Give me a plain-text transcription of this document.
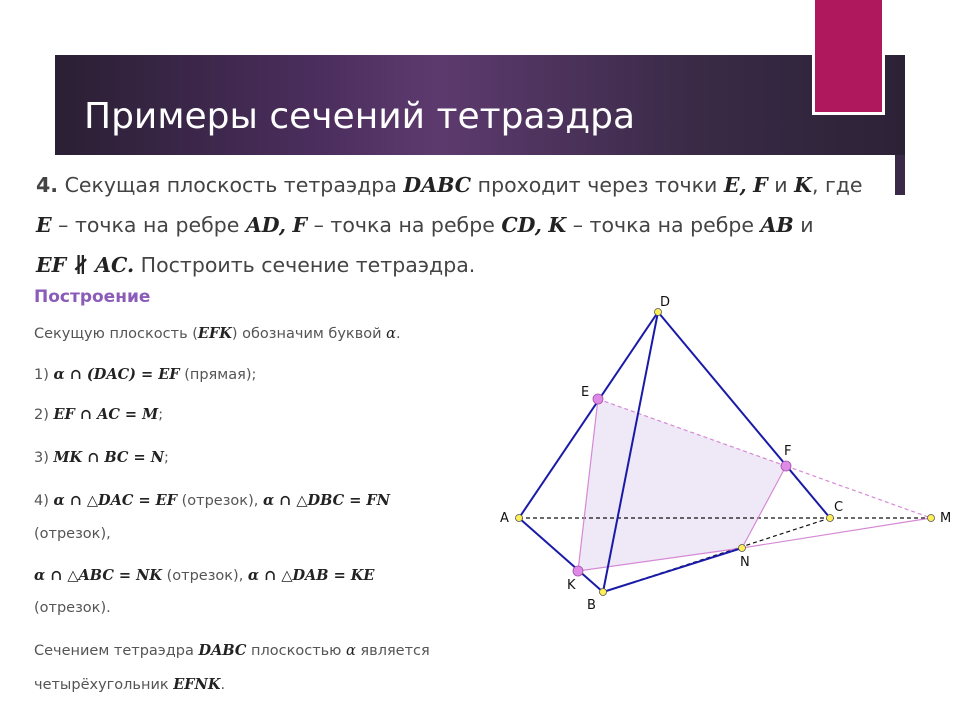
Примеры сечений тетраэдра
4. Секущая плоскость тетраэдра DABC проходит через точки E, F и K, где
E – точка на ребре AD, F – точка на ребре CD, K – точка на ребре AB и
EF ∦ AC. Построить сечение тетраэдра.
Построение
Секущую плоскость (EFK) обозначим буквой α.
1) α ∩ (DAC) = EF (прямая);
2) EF ∩ AC = M;
3) MK ∩ BC = N;
4) α ∩ △DAC = EF (отрезок), α ∩ △DBC = FN
(отрезок),
α ∩ △ABC = NK (отрезок), α ∩ △DAB = KE
(отрезок).
Сечением тетраэдра DABC плоскостью α является
четырёхугольник EFNK.
D
E
F
A
C
M
N
K
B
